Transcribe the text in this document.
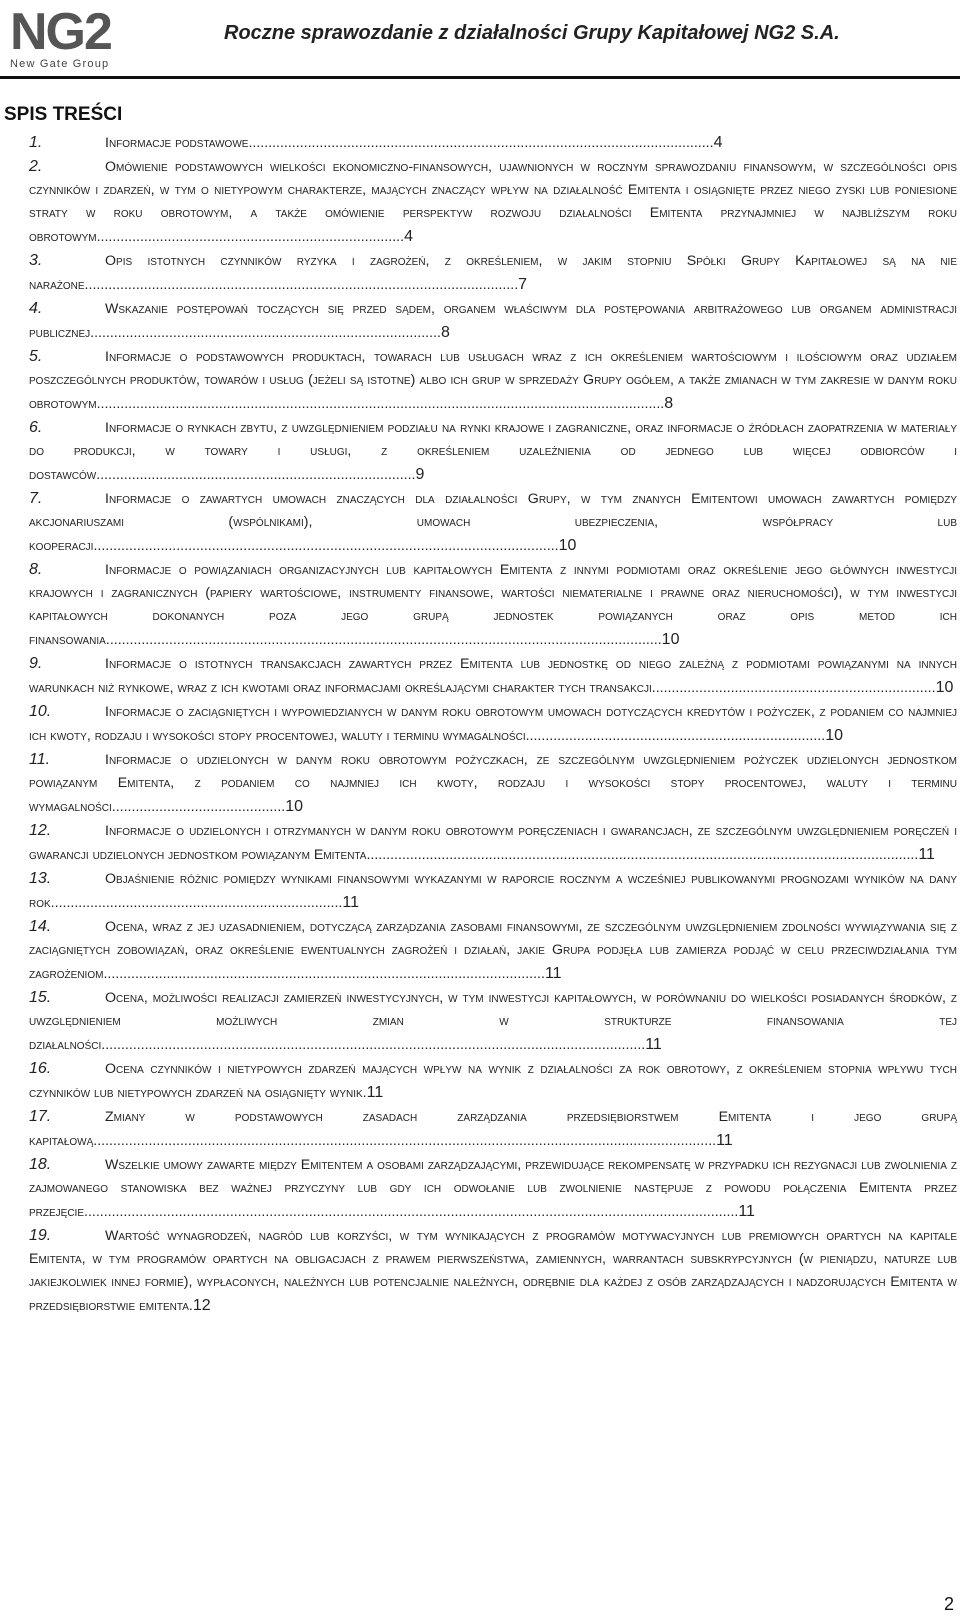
NG2
New Gate Group
Roczne sprawozdanie z działalności Grupy Kapitałowej NG2 S.A.
SPIS TREŚCI
1.	Informacje podstawowe......................................................................................................................4
2.	Omówienie podstawowych wielkości ekonomiczno-finansowych, ujawnionych w rocznym sprawozdaniu finansowym, w szczególności opis czynników i zdarzeń, w tym o nietypowym charakterze, mających znaczący wpływ na działalność Emitenta i osiągnięte przez niego zyski lub poniesione straty w roku obrotowym, a także omówienie perspektyw rozwoju działalności Emitenta przynajmniej w najbliższym roku obrotowym..............................................................................4
3.	Opis istotnych czynników ryzyka i zagrożeń, z określeniem, w jakim stopniu Spółki Grupy Kapitałowej są na nie narażone..............................................................................................................7
4.	Wskazanie postępowań toczących się przed sądem, organem właściwym dla postępowania arbitrażowego lub organem administracji publicznej.........................................................................................8
5.	Informacje o podstawowych produktach, towarach lub usługach wraz z ich określeniem wartościowym i ilościowym oraz udziałem poszczególnych produktów, towarów i usług (jeżeli są istotne) albo ich grup w sprzedaży Grupy ogółem, a także zmianach w tym zakresie w danym roku obrotowym................................................................................................................................................8
6.	Informacje o rynkach zbytu, z uwzględnieniem podziału na rynki krajowe i zagraniczne, oraz informacje o źródłach zaopatrzenia w materiały do produkcji, w towary i usługi, z określeniem uzależnienia od jednego lub więcej odbiorców i dostawców.................................................................................9
7.	Informacje o zawartych umowach znaczących dla działalności Grupy, w tym znanych Emitentowi umowach zawartych pomiędzy akcjonariuszami (wspólnikami), umowach ubezpieczenia, współpracy lub kooperacji......................................................................................................................10
8.	Informacje o powiązaniach organizacyjnych lub kapitałowych Emitenta z innymi podmiotami oraz określenie jego głównych inwestycji krajowych i zagranicznych (papiery wartościowe, instrumenty finansowe, wartości niematerialne i prawne oraz nieruchomości), w tym inwestycji kapitałowych dokonanych poza jego grupą jednostek powiązanych oraz opis metod ich finansowania.............................................................................................................................................10
9.	Informacje o istotnych transakcjach zawartych przez Emitenta lub jednostkę od niego zależną z podmiotami powiązanymi na innych warunkach niż rynkowe, wraz z ich kwotami oraz informacjami określającymi charakter tych transakcji........................................................................10
10.	Informacje o zaciągniętych i wypowiedzianych w danym roku obrotowym umowach dotyczących kredytów i pożyczek, z podaniem co najmniej ich kwoty, rodzaju i wysokości stopy procentowej, waluty i terminu wymagalności............................................................................10
11.	Informacje o udzielonych w danym roku obrotowym pożyczkach, ze szczególnym uwzględnieniem pożyczek udzielonych jednostkom powiązanym Emitenta, z podaniem co najmniej ich kwoty, rodzaju i wysokości stopy procentowej, waluty i terminu wymagalności............................................10
12.	Informacje o udzielonych i otrzymanych w danym roku obrotowym poręczeniach i gwarancjach, ze szczególnym uwzględnieniem poręczeń i gwarancji udzielonych jednostkom powiązanym Emitenta............................................................................................................................................11
13.	Objaśnienie różnic pomiędzy wynikami finansowymi wykazanymi w raporcie rocznym a wcześniej publikowanymi prognozami wyników na dany rok..........................................................................11
14.	Ocena, wraz z jej uzasadnieniem, dotyczącą zarządzania zasobami finansowymi, ze szczególnym uwzględnieniem zdolności wywiązywania się z zaciągniętych zobowiązań, oraz określenie ewentualnych zagrożeń i działań, jakie Grupa podjęła lub zamierza podjąć w celu przeciwdziałania tym zagrożeniom................................................................................................................11
15.	Ocena, możliwości realizacji zamierzeń inwestycyjnych, w tym inwestycji kapitałowych, w porównaniu do wielkości posiadanych środków, z uwzględnieniem możliwych zmian w strukturze finansowania tej działalności..........................................................................................................................................11
16.	Ocena czynników i nietypowych zdarzeń mających wpływ na wynik z działalności za rok obrotowy, z określeniem stopnia wpływu tych czynników lub nietypowych zdarzeń na osiągnięty wynik.11
17.	Zmiany w podstawowych zasadach zarządzania przedsiębiorstwem Emitenta i jego grupą kapitałową..............................................................................................................................................................11
18.	Wszelkie umowy zawarte między Emitentem a osobami zarządzającymi, przewidujące rekompensatę w przypadku ich rezygnacji lub zwolnienia z zajmowanego stanowiska bez ważnej przyczyny lub gdy ich odwołanie lub zwolnienie następuje z powodu połączenia Emitenta przez przejęcie......................................................................................................................................................................11
19.	Wartość wynagrodzeń, nagród lub korzyści, w tym wynikających z programów motywacyjnych lub premiowych opartych na kapitale Emitenta, w tym programów opartych na obligacjach z prawem pierwszeństwa, zamiennych, warrantach subskrypcyjnych (w pieniądzu, naturze lub jakiejkolwiek innej formie), wypłaconych, należnych lub potencjalnie należnych, odrębnie dla każdej z osób zarządzających i nadzorujących Emitenta w przedsiębiorstwie emitenta.12
2
